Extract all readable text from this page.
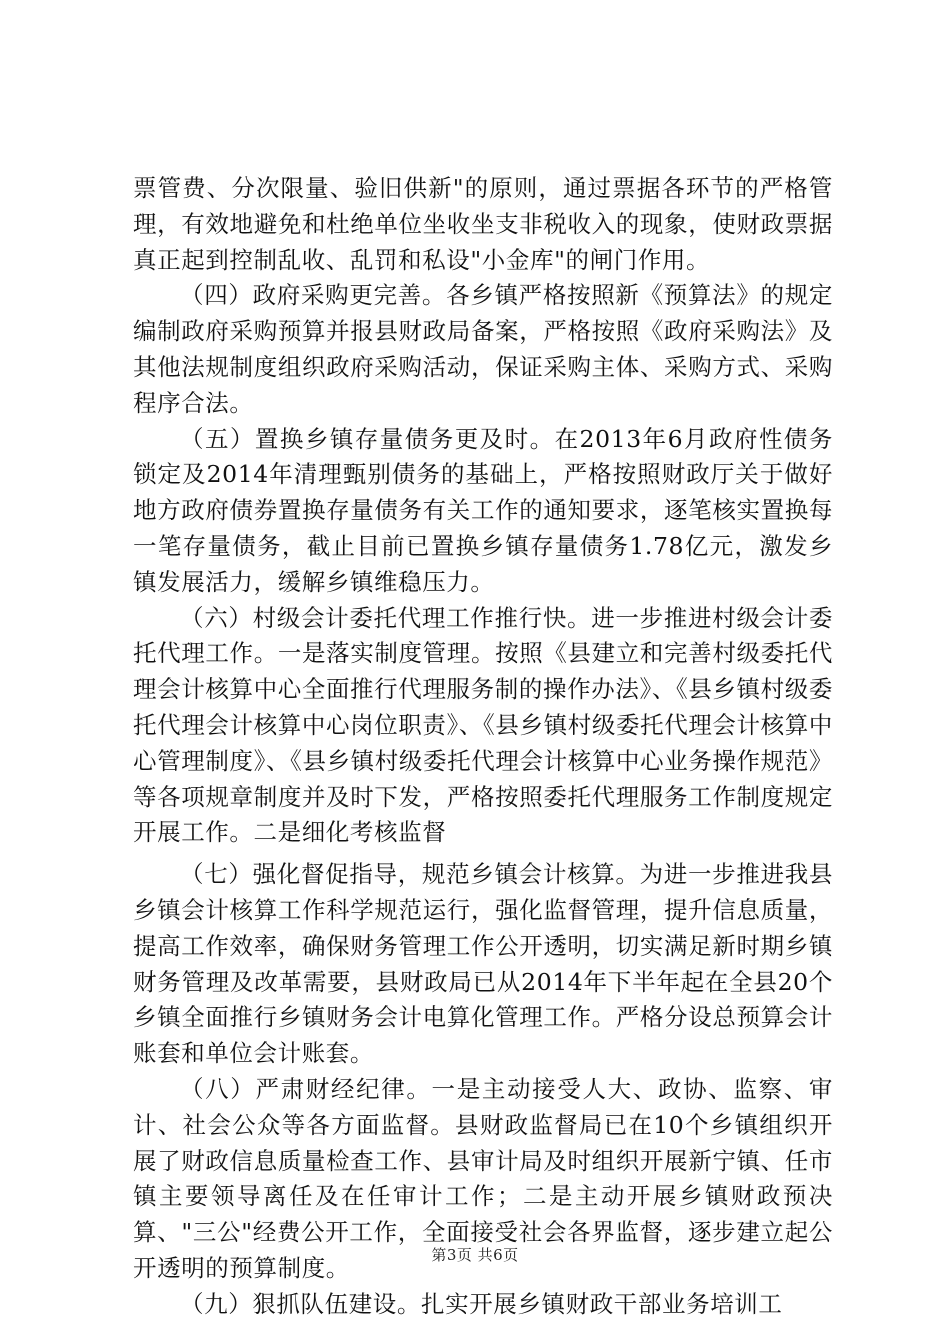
票管费、分次限量、验旧供新"的原则，通过票据各环节的严格管理，有效地避免和杜绝单位坐收坐支非税收入的现象，使财政票据真正起到控制乱收、乱罚和私设"小金库"的闸门作用。

（四）政府采购更完善。各乡镇严格按照新《预算法》的规定编制政府采购预算并报县财政局备案，严格按照《政府采购法》及其他法规制度组织政府采购活动，保证采购主体、采购方式、采购程序合法。

（五）置换乡镇存量债务更及时。在2013年6月政府性债务锁定及2014年清理甄别债务的基础上，严格按照财政厅关于做好地方政府债券置换存量债务有关工作的通知要求，逐笔核实置换每一笔存量债务，截止目前已置换乡镇存量债务1.78亿元，激发乡镇发展活力，缓解乡镇维稳压力。

（六）村级会计委托代理工作推行快。进一步推进村级会计委托代理工作。一是落实制度管理。按照《县建立和完善村级委托代理会计核算中心全面推行代理服务制的操作办法》、《县乡镇村级委托代理会计核算中心岗位职责》、《县乡镇村级委托代理会计核算中心管理制度》、《县乡镇村级委托代理会计核算中心业务操作规范》等各项规章制度并及时下发，严格按照委托代理服务工作制度规定开展工作。二是细化考核监督

（七）强化督促指导，规范乡镇会计核算。为进一步推进我县乡镇会计核算工作科学规范运行，强化监督管理，提升信息质量，提高工作效率，确保财务管理工作公开透明，切实满足新时期乡镇财务管理及改革需要，县财政局已从2014年下半年起在全县20个乡镇全面推行乡镇财务会计电算化管理工作。严格分设总预算会计账套和单位会计账套。

（八）严肃财经纪律。一是主动接受人大、政协、监察、审计、社会公众等各方面监督。县财政监督局已在10个乡镇组织开展了财政信息质量检查工作、县审计局及时组织开展新宁镇、任市镇主要领导离任及在任审计工作；二是主动开展乡镇财政预决算、"三公"经费公开工作，全面接受社会各界监督，逐步建立起公开透明的预算制度。

（九）狠抓队伍建设。扎实开展乡镇财政干部业务培训工

第3页 共6页
